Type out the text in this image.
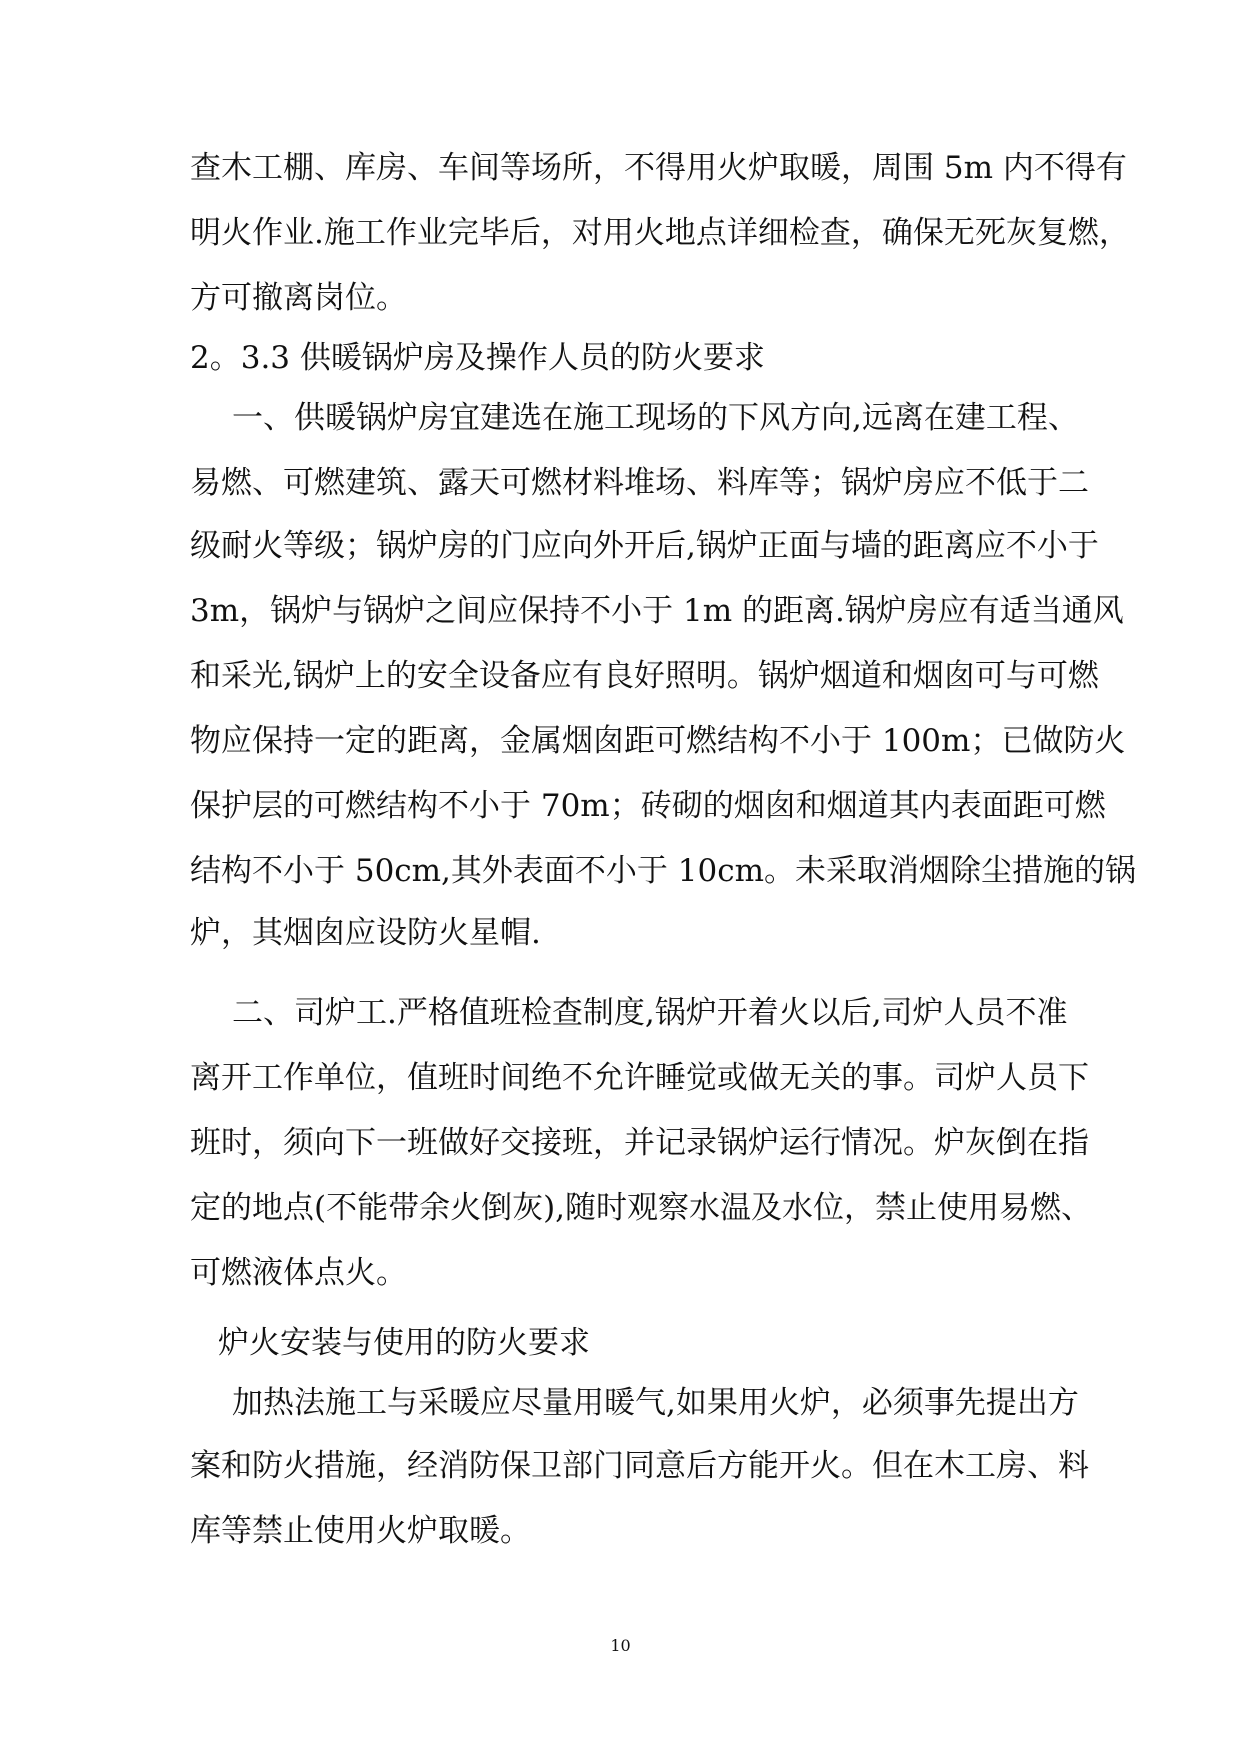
查木工棚、库房、车间等场所，不得用火炉取暖，周围 5m 内不得有
明火作业.施工作业完毕后，对用火地点详细检查，确保无死灰复燃，
方可撤离岗位。
2。3.3 供暖锅炉房及操作人员的防火要求
一、供暖锅炉房宜建选在施工现场的下风方向,远离在建工程、
易燃、可燃建筑、露天可燃材料堆场、料库等；锅炉房应不低于二
级耐火等级；锅炉房的门应向外开后,锅炉正面与墙的距离应不小于
3m，锅炉与锅炉之间应保持不小于 1m 的距离.锅炉房应有适当通风
和采光,锅炉上的安全设备应有良好照明。锅炉烟道和烟囱可与可燃
物应保持一定的距离，金属烟囱距可燃结构不小于 100m；已做防火
保护层的可燃结构不小于 70m；砖砌的烟囱和烟道其内表面距可燃
结构不小于 50cm,其外表面不小于 10cm。未采取消烟除尘措施的锅
炉，其烟囱应设防火星帽.
二、司炉工.严格值班检查制度,锅炉开着火以后,司炉人员不准
离开工作单位，值班时间绝不允许睡觉或做无关的事。司炉人员下
班时，须向下一班做好交接班，并记录锅炉运行情况。炉灰倒在指
定的地点(不能带余火倒灰),随时观察水温及水位，禁止使用易燃、
可燃液体点火。
炉火安装与使用的防火要求
加热法施工与采暖应尽量用暖气,如果用火炉，必须事先提出方
案和防火措施，经消防保卫部门同意后方能开火。但在木工房、料
库等禁止使用火炉取暖。
10
